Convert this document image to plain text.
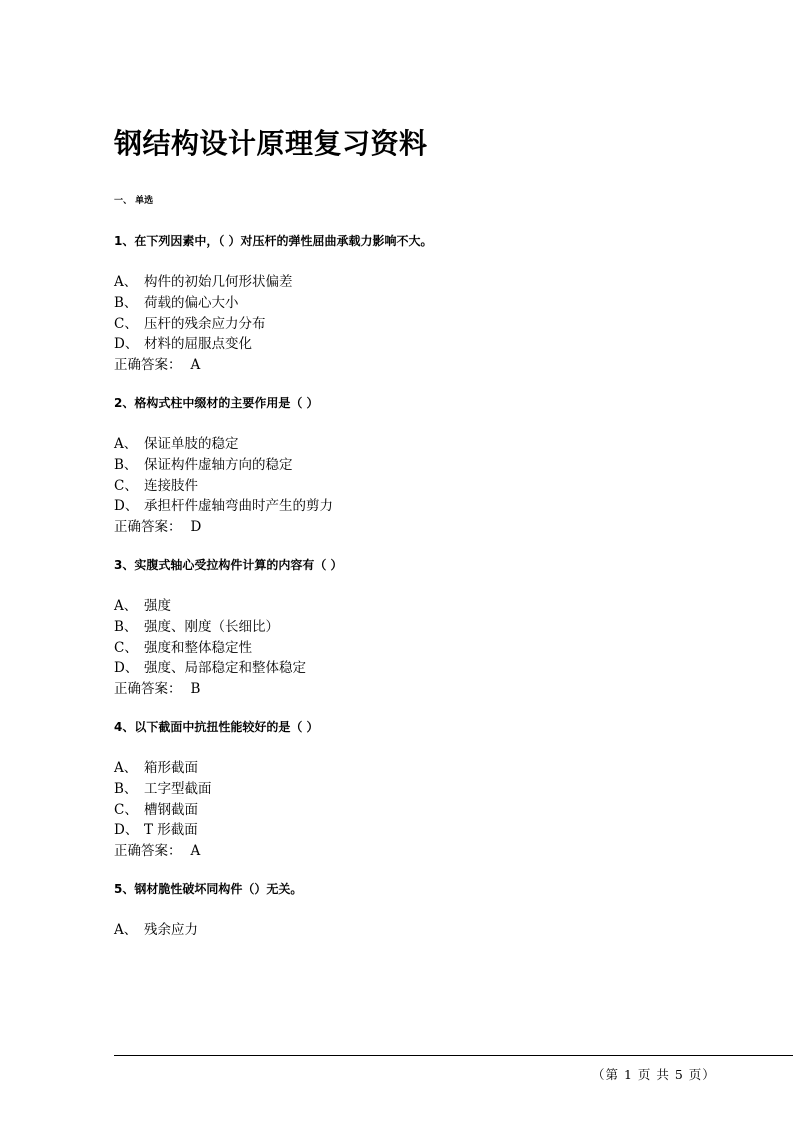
钢结构设计原理复习资料
一、 单选
1、在下列因素中，（ ）对压杆的弹性屈曲承载力影响不大。
A、 构件的初始几何形状偏差
B、 荷载的偏心大小
C、 压杆的残余应力分布
D、 材料的屈服点变化
正确答案： A
2、格构式柱中缀材的主要作用是（ ）
A、 保证单肢的稳定
B、 保证构件虚轴方向的稳定
C、 连接肢件
D、 承担杆件虚轴弯曲时产生的剪力
正确答案： D
3、实腹式轴心受拉构件计算的内容有（ ）
A、 强度
B、 强度、刚度（长细比）
C、 强度和整体稳定性
D、 强度、局部稳定和整体稳定
正确答案： B
4、以下截面中抗扭性能较好的是（ ）
A、 箱形截面
B、 工字型截面
C、 槽钢截面
D、 T 形截面
正确答案： A
5、钢材脆性破坏同构件（）无关。
A、 残余应力
（第 1 页 共 5 页）
